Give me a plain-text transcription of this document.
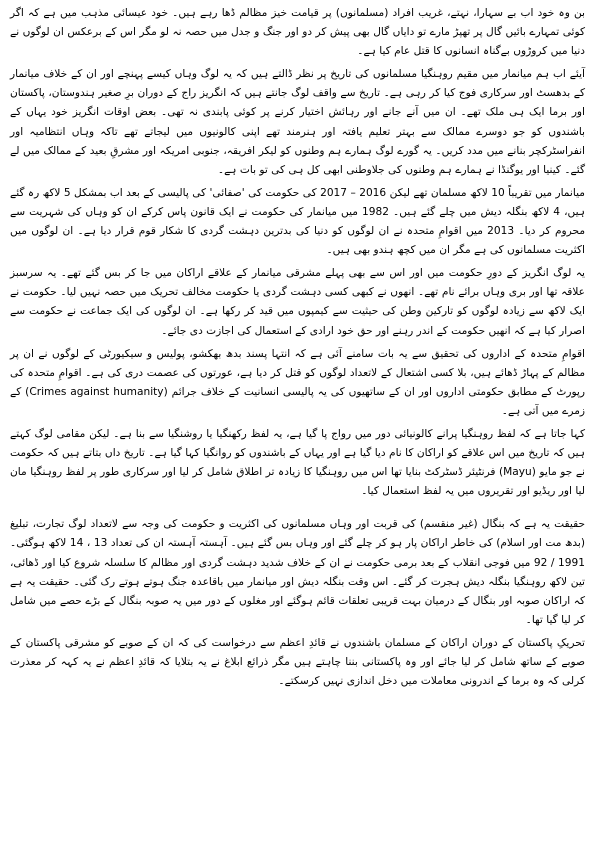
بن وہ خود اب بے سہارا، نہتے، غریب افراد (مسلمانوں) پر قیامت خیز مظالم ڈھا رہے ہیں۔ خود عیسائی مذہب میں ہے کہ اگر کوئی تمہارے بائیں گال پر تھپڑ مارے تو دایاں گال بھی پیش کر دو اور جنگ و جدل میں حصہ نہ لو مگر اس کے برعکس ان لوگوں نے دنیا میں کروڑوں بےگناہ انسانوں کا قتل عام کیا ہے۔

آیئے اب ہم میانمار میں مقیم روہنگیا مسلمانوں کی تاریخ پر نظر ڈالتے ہیں کہ یہ لوگ وہاں کیسے پہنچے اور ان کے خلاف میانمار کے بدھسٹ اور سرکاری فوج کیا کر رہی ہے۔ تاریخ سے واقف لوگ جانتے ہیں کہ انگریز راج کے دوران برِ صغیر ہندوستان، پاکستان اور برما ایک ہی ملک تھے۔ ان میں آنے جانے اور رہائش اختیار کرنے پر کوئی پابندی نہ تھی۔ بعض اوقات انگریز خود یہاں کے باشندوں کو جو دوسرے ممالک سے بہتر تعلیم یافتہ اور ہنرمند تھے اپنی کالونیوں میں لیجاتے تھے تاکہ وہاں انتظامیہ اور انفراسٹرکچر بنانے میں مدد کریں۔ یہ گورے لوگ ہمارے ہم وطنوں کو لیکر افریقہ، جنوبی امریکہ اور مشرقِ بعید کے ممالک میں لے گئے۔ کینیا اور یوگنڈا نے ہمارے ہم وطنوں کی جلاوطنی ابھی کل ہی کی تو بات ہے۔

میانمار میں تقریباً 10 لاکھ مسلمان تھے لیکن 2016 – 2017 کی حکومت کی 'صفائی' کی پالیسی کے بعد اب بمشکل 5 لاکھ رہ گئے ہیں، 4 لاکھ بنگلہ دیش میں چلے گئے ہیں۔ 1982 میں میانمار کی حکومت نے ایک قانون پاس کرکے ان کو وہاں کی شہریت سے محروم کر دیا۔ 2013 میں اقوامِ متحدہ نے ان لوگوں کو دنیا کی بدترین دہشت گردی کا شکار قوم قرار دیا ہے۔ ان لوگوں میں اکثریت مسلمانوں کی ہے مگر ان میں کچھ ہندو بھی ہیں۔

یہ لوگ انگریز کے دورِ حکومت میں اور اس سے بھی پہلے مشرقی میانمار کے علاقے اراکان میں جا کر بس گئے تھے۔ یہ سرسبز علاقہ تھا اور بری وہاں برائے نام تھے۔ انھوں نے کبھی کسی دہشت گردی یا حکومت مخالف تحریک میں حصہ نہیں لیا۔ حکومت نے ایک لاکھ سے زیادہ لوگوں کو تارکین وطن کی حیثیت سے کیمپوں میں قید کر رکھا ہے۔ ان لوگوں کی ایک جماعت نے حکومت سے اصرار کیا ہے کہ انھیں حکومت کے اندر رہنے اور حق خود ارادی کے استعمال کی اجازت دی جائے۔

اقوامِ متحدہ کے اداروں کی تحقیق سے یہ بات سامنے آئی ہے کہ انتہا پسند بدھ بھکشو، پولیس و سیکیورٹی کے لوگوں نے ان پر مظالم کے پہاڑ ڈھائے ہیں، بلا کسی اشتعال کے لاتعداد لوگوں کو قتل کر دیا ہے، عورتوں کی عصمت دری کی ہے۔ اقوامِ متحدہ کی رپورٹ کے مطابق حکومتی اداروں اور ان کے ساتھیوں کی یہ پالیسی انسانیت کے خلاف جرائم (Crimes against humanity) کے زمرے میں آتی ہے۔

کہا جاتا ہے کہ لفظ روہنگیا پرانے کالونیائی دور میں رواج پا گیا ہے، یہ لفظ رکھنگیا یا روشنگیا سے بنا ہے۔ لیکن مقامی لوگ کہتے ہیں کہ تاریخ میں اس علاقے کو اراکان کا نام دیا گیا ہے اور یہاں کے باشندوں کو روانگیا کہا گیا ہے۔ تاریخ داں بتاتے ہیں کہ حکومت نے جو مایو (Mayu) فرنٹیئر ڈسٹرکٹ بنایا تھا اس میں روہنگیا کا زیادہ تر اطلاق شامل کر لیا اور سرکاری طور پر لفظ روہنگیا مان لیا اور ریڈیو اور تقریروں میں یہ لفظ استعمال کیا۔

حقیقت یہ ہے کہ بنگال (غیر منقسم) کی قربت اور وہاں مسلمانوں کی اکثریت و حکومت کی وجہ سے لاتعداد لوگ تجارت، تبلیغ (بدھ مت اور اسلام) کی خاطر اراکان پار ہو کر چلے گئے اور وہاں بس گئے ہیں۔ آہستہ آہستہ ان کی تعداد 13 ، 14 لاکھ ہوگئی۔ 1991 / 92 میں فوجی انقلاب کے بعد برمی حکومت نے ان کے خلاف شدید دہشت گردی اور مظالم کا سلسلہ شروع کیا اور ڈھائی، تین لاکھ روہنگیا بنگلہ دیش ہجرت کر گئے۔ اس وقت بنگلہ دیش اور میانمار میں باقاعدہ جنگ ہوتے ہوتے رک گئی۔ حقیقت یہ ہے کہ اراکان صوبہ اور بنگال کے درمیان بہت قریبی تعلقات قائم ہوگئے اور مغلوں کے دور میں یہ صوبہ بنگال کے بڑے حصے میں شامل کر لیا گیا تھا۔

تحریکِ پاکستان کے دوران اراکان کے مسلمان باشندوں نے قائدِ اعظم سے درخواست کی کہ ان کے صوبے کو مشرقی پاکستان کے صوبے کے ساتھ شامل کر لیا جائے اور وہ پاکستانی بننا چاہتے ہیں مگر ذرائع ابلاغ نے یہ بتلایا کہ قائدِ اعظم نے یہ کہہ کر معذرت کرلی کہ وہ برما کے اندرونی معاملات میں دخل اندازی نہیں کرسکتے۔
